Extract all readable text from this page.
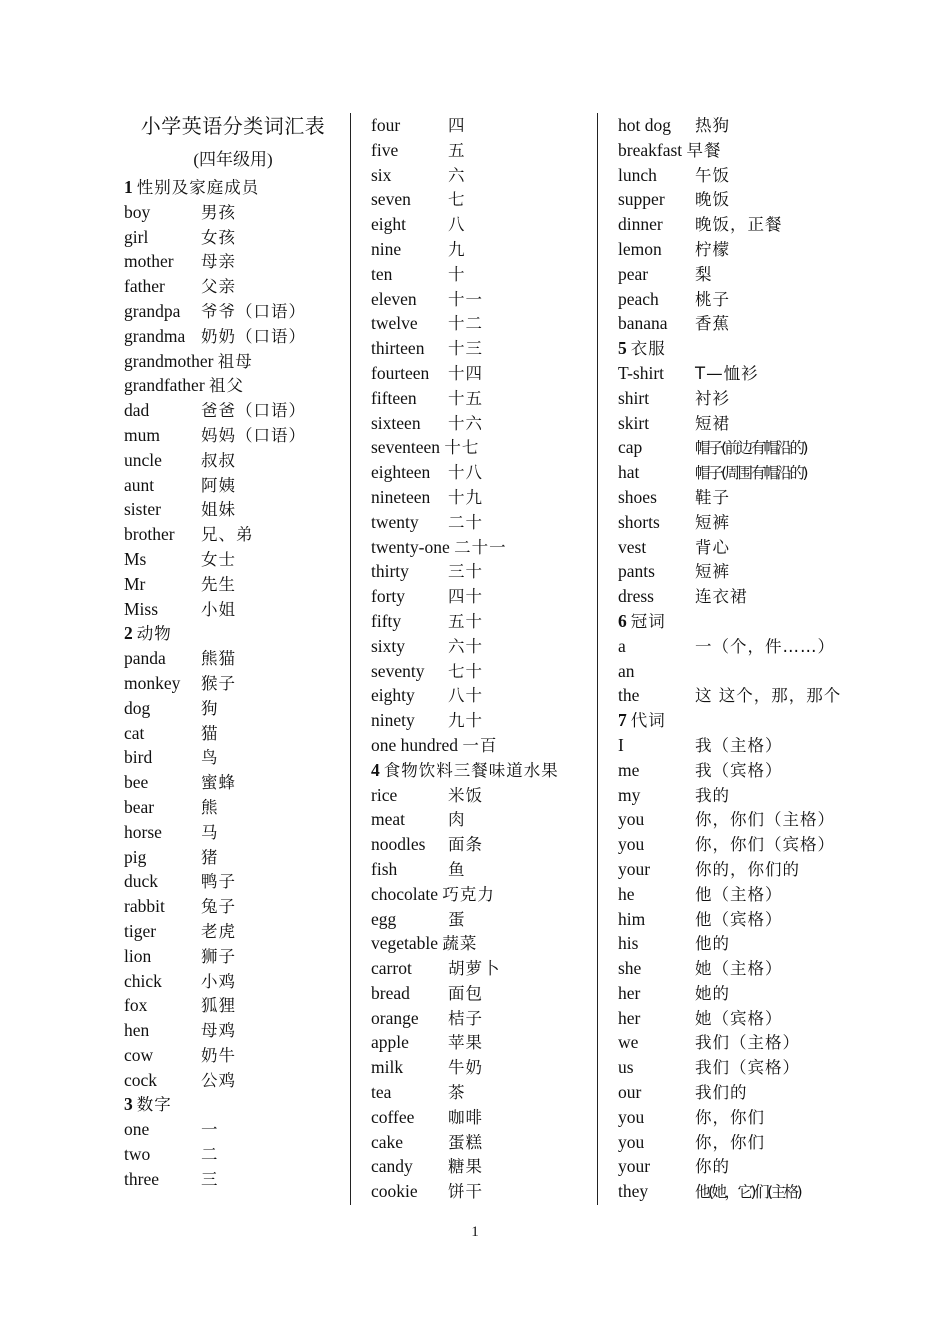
小学英语分类词汇表
(四年级用)
1 性别及家庭成员
boy	男孩
girl	女孩
mother 母亲
father 父亲
grandpa 爷爷（口语）
grandma 奶奶（口语）
grandmother 祖母
grandfather 祖父
dad	爸爸（口语）
mum 妈妈（口语）
uncle 叔叔
aunt	阿姨
sister 姐妹
brother 兄、弟
Ms	女士
Mr	先生
Miss	小姐
2 动物
panda 熊猫
monkey 猴子
dog	狗
cat	猫
bird	鸟
bee	蜜蜂
bear	熊
horse 马
pig	猪
duck	鸭子
rabbit 兔子
tiger	老虎
lion	狮子
chick 小鸡
fox	狐狸
hen	母鸡
cow	奶牛
cock	公鸡
3 数字
one	一
two	二
three	三
four	四
five	五
six	六
seven 七
eight	八
nine	九
ten	十
eleven 十一
twelve 十二
thirteen 十三
fourteen 十四
fifteen 十五
sixteen 十六
seventeen 十七
eighteen 十八
nineteen 十九
twenty 二十
twenty-one 二十一
thirty 三十
forty	四十
fifty	五十
sixty	六十
seventy 七十
eighty 八十
ninety 九十
one hundred 一百
4 食物饮料三餐味道水果
rice	米饭
meat	肉
noodles 面条
fish	鱼
chocolate 巧克力
egg	蛋
vegetable 蔬菜
carrot 胡萝卜
bread 面包
orange 桔子
apple 苹果
milk	牛奶
tea	茶
coffee 咖啡
cake	蛋糕
candy 糖果
cookie 饼干
hot dog 热狗
breakfast 早餐
lunch 午饭
supper 晚饭
dinner 晚饭，正餐
lemon 柠檬
pear	梨
peach 桃子
banana 香蕉
5 衣服
T-shirt T—恤衫
shirt	衬衫
skirt	短裙
cap	帽子(前边有帽沿的)
hat	帽子(周围有帽沿的)
shoes 鞋子
shorts 短裤
vest	背心
pants 短裤
dress 连衣裙
6 冠词
a	一（个，件……）
an
the	这 这个，那，那个
7 代词
I	我（主格）
me	我（宾格）
my	我的
you	你，你们（主格）
you	你，你们（宾格）
your	你的，你们的
he	他（主格）
him	他（宾格）
his	他的
she	她（主格）
her	她的
her	她（宾格）
we	我们（主格）
us	我们（宾格）
our	我们的
you	你，你们
you	你，你们
your	你的
they	他(她，它)们(主格)
1
